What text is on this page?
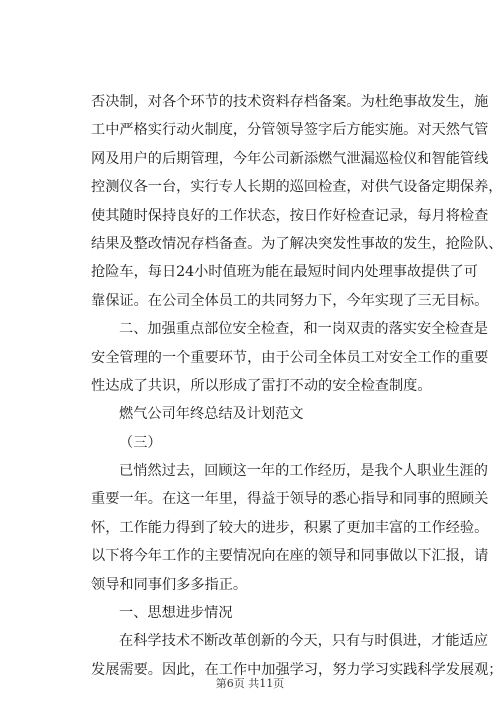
否决制，对各个环节的技术资料存档备案。为杜绝事故发生，施
工中严格实行动火制度，分管领导签字后方能实施。对天然气管
网及用户的后期管理，今年公司新添燃气泄漏巡检仪和智能管线
控测仪各一台，实行专人长期的巡回检查，对供气设备定期保养，
使其随时保持良好的工作状态，按日作好检查记录，每月将检查
结果及整改情况存档备查。为了解决突发性事故的发生，抢险队、
抢险车，每日24小时值班为能在最短时间内处理事故提供了可
靠保证。在公司全体员工的共同努力下，今年实现了三无目标。
二、加强重点部位安全检查，和一岗双责的落实安全检查是
安全管理的一个重要环节，由于公司全体员工对安全工作的重要
性达成了共识，所以形成了雷打不动的安全检查制度。
燃气公司年终总结及计划范文
（三）
已悄然过去，回顾这一年的工作经历，是我个人职业生涯的
重要一年。在这一年里，得益于领导的悉心指导和同事的照顾关
怀，工作能力得到了较大的进步，积累了更加丰富的工作经验。
以下将今年工作的主要情况向在座的领导和同事做以下汇报，请
领导和同事们多多指正。
一、思想进步情况
在科学技术不断改革创新的今天，只有与时俱进，才能适应
发展需要。因此，在工作中加强学习，努力学习实践科学发展观；
第6页 共11页
